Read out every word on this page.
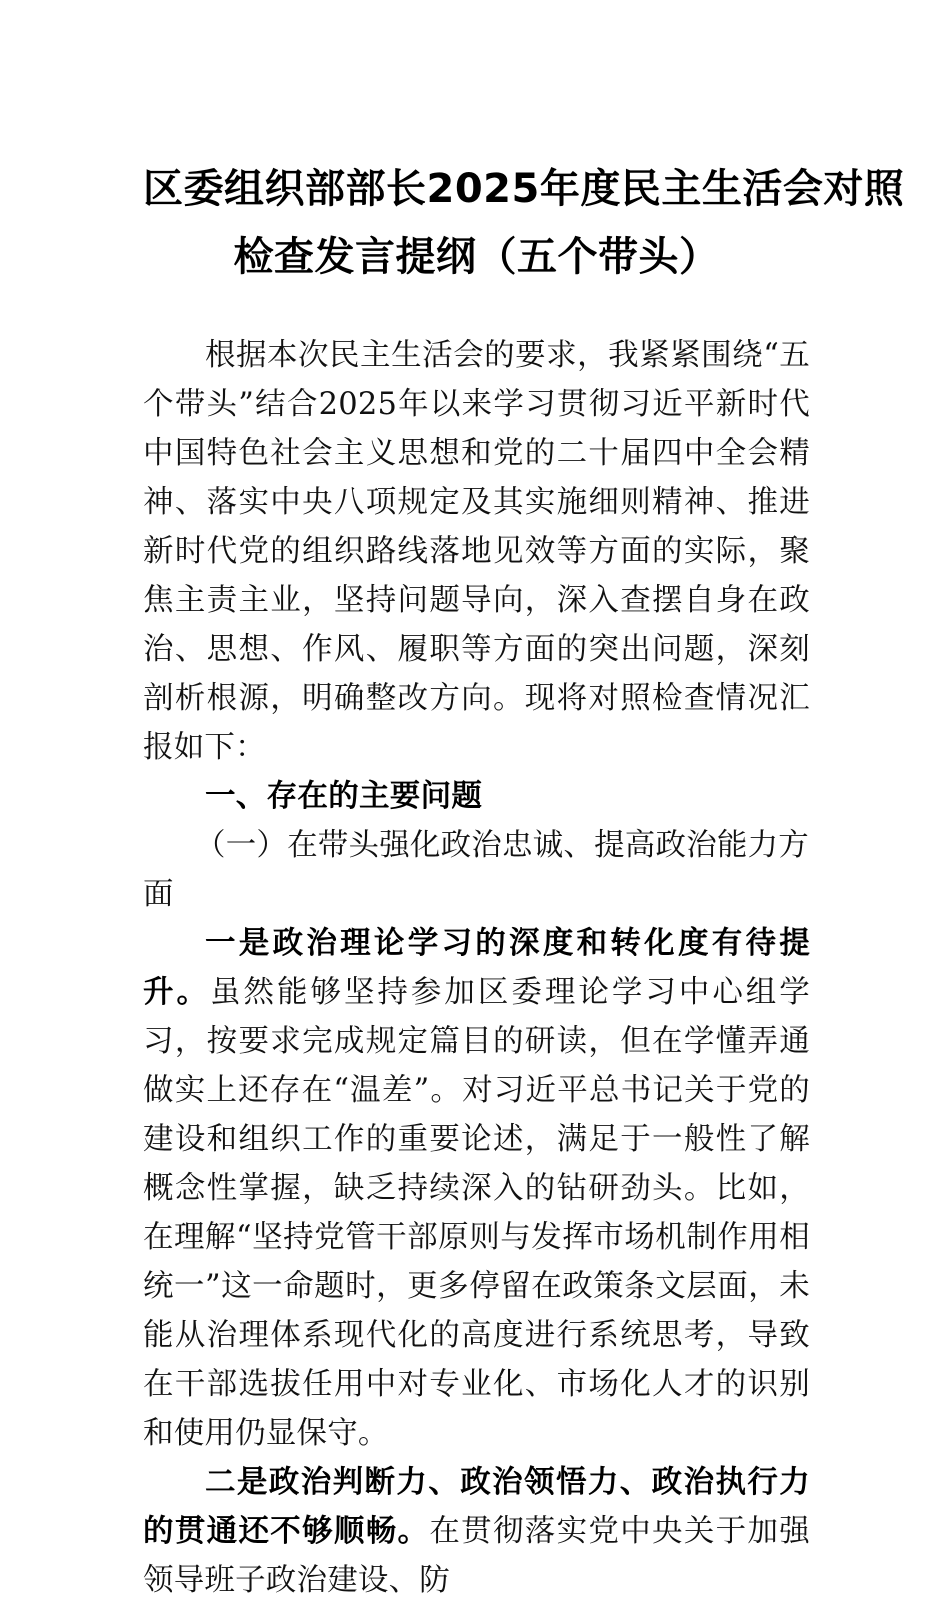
区委组织部部长2025年度民主生活会对照
检查发言提纲（五个带头）

根据本次民主生活会的要求，我紧紧围绕“五个带头”结合2025年以来学习贯彻习近平新时代中国特色社会主义思想和党的二十届四中全会精神、落实中央八项规定及其实施细则精神、推进新时代党的组织路线落地见效等方面的实际，聚焦主责主业，坚持问题导向，深入查摆自身在政治、思想、作风、履职等方面的突出问题，深刻剖析根源，明确整改方向。现将对照检查情况汇报如下：

一、存在的主要问题

（一）在带头强化政治忠诚、提高政治能力方面

一是政治理论学习的深度和转化度有待提升。虽然能够坚持参加区委理论学习中心组学习，按要求完成规定篇目的研读，但在学懂弄通做实上还存在“温差”。对习近平总书记关于党的建设和组织工作的重要论述，满足于一般性了解概念性掌握，缺乏持续深入的钻研劲头。比如，在理解“坚持党管干部原则与发挥市场机制作用相统一”这一命题时，更多停留在政策条文层面，未能从治理体系现代化的高度进行系统思考，导致在干部选拔任用中对专业化、市场化人才的识别和使用仍显保守。

二是政治判断力、政治领悟力、政治执行力的贯通还不够顺畅。在贯彻落实党中央关于加强领导班子政治建设、防
